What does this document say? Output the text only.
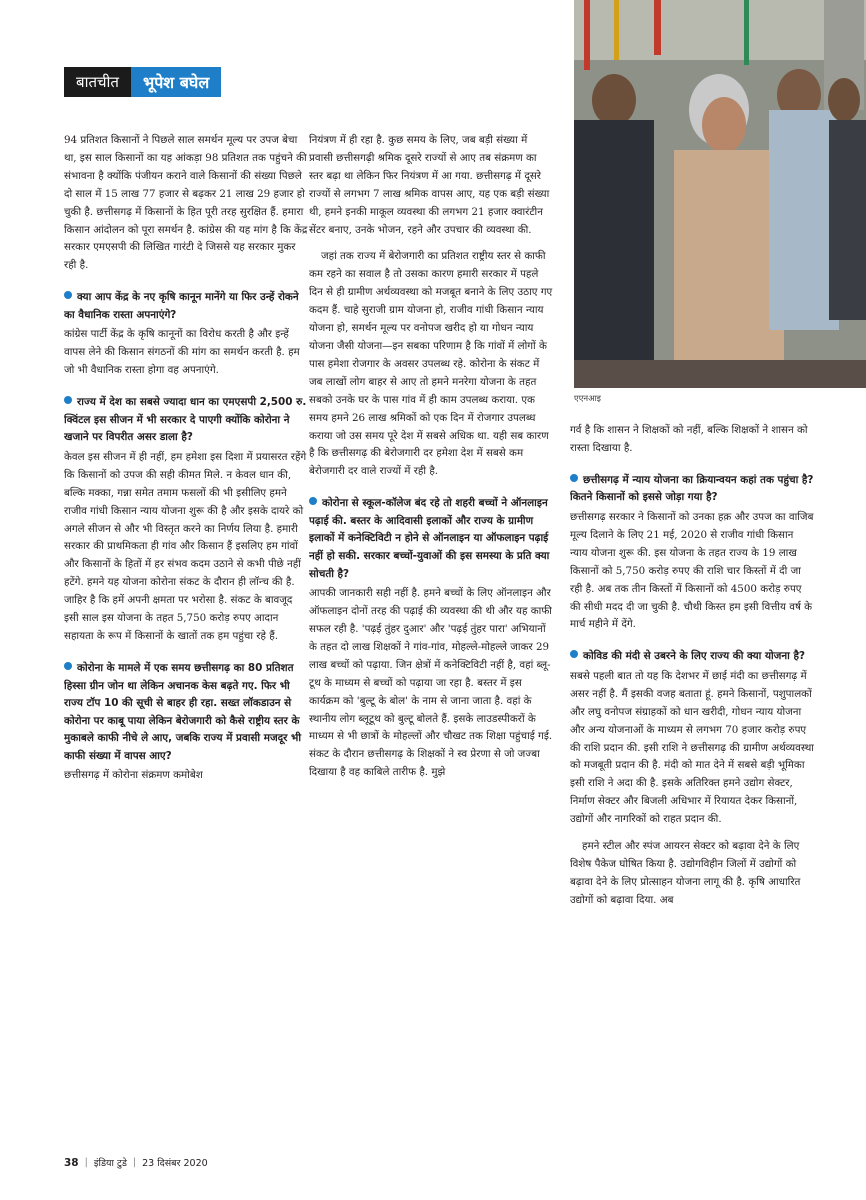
बातचीत	भूपेश बघेल

94 प्रतिशत किसानों ने पिछले साल समर्थन मूल्य पर उपज बेचा था, इस साल किसानों का यह आंकड़ा 98 प्रतिशत तक पहुंचने की संभावना है क्योंकि पंजीयन कराने वाले किसानों की संख्या पिछले दो साल में 15 लाख 77 हजार से बढ़कर 21 लाख 29 हजार हो चुकी है. छत्तीसगढ़ में किसानों के हित पूरी तरह सुरक्षित हैं. हमारा किसान आंदोलन को पूरा समर्थन है. कांग्रेस की यह मांग है कि केंद्र सरकार एमएसपी की लिखित गारंटी दे जिससे यह सरकार मुकर रही है.

क्या आप केंद्र के नए कृषि कानून मानेंगे या फिर उन्हें रोकने का वैधानिक रास्ता अपनाएंगे?

कांग्रेस पार्टी केंद्र के कृषि कानूनों का विरोध करती है और इन्हें वापस लेने की किसान संगठनों की मांग का समर्थन करती है. हम जो भी वैधानिक रास्ता होगा वह अपनाएंगे.

राज्य में देश का सबसे ज्यादा धान का एमएसपी 2,500 रु. क्विंटल इस सीजन में भी सरकार दे पाएगी क्योंकि कोरोना ने खजाने पर विपरीत असर डाला है?

केवल इस सीजन में ही नहीं, हम हमेशा इस दिशा में प्रयासरत रहेंगे कि किसानों को उपज की सही कीमत मिले. न केवल धान की, बल्कि मक्का, गन्ना समेत तमाम फसलों की भी इसीलिए हमने राजीव गांधी किसान न्याय योजना शुरू की है और इसके दायरे को अगले सीजन से और भी विस्तृत करने का निर्णय लिया है. हमारी सरकार की प्राथमिकता ही गांव और किसान हैं इसलिए हम गांवों और किसानों के हितों में हर संभव कदम उठाने से कभी पीछे नहीं हटेंगे. हमने यह योजना कोरोना संकट के दौरान ही लॉन्च की है. जाहिर है कि हमें अपनी क्षमता पर भरोसा है. संकट के बावजूद इसी साल इस योजना के तहत 5,750 करोड़ रुपए आदान सहायता के रूप में किसानों के खातों तक हम पहुंचा रहे हैं.

कोरोना के मामले में एक समय छत्तीसगढ़ का 80 प्रतिशत हिस्सा ग्रीन जोन था लेकिन अचानक केस बढ़ते गए. फिर भी राज्य टॉप 10 की सूची से बाहर ही रहा. सख्त लॉकडाउन से कोरोना पर काबू पाया लेकिन बेरोजगारी को कैसे राष्ट्रीय स्तर के मुकाबले काफी नीचे ले आए, जबकि राज्य में प्रवासी मजदूर भी काफी संख्या में वापस आए?

छत्तीसगढ़ में कोरोना संक्रमण कमोबेश

नियंत्रण में ही रहा है. कुछ समय के लिए, जब बड़ी संख्या में प्रवासी छत्तीसगढ़ी श्रमिक दूसरे राज्यों से आए तब संक्रमण का स्तर बढ़ा था लेकिन फिर नियंत्रण में आ गया. छत्तीसगढ़ में दूसरे राज्यों से लगभग 7 लाख श्रमिक वापस आए, यह एक बड़ी संख्या थी, हमने इनकी माकूल व्यवस्था की लगभग 21 हजार क्वारंटीन सेंटर बनाए, उनके भोजन, रहने और उपचार की व्यवस्था की.

जहां तक राज्य में बेरोजगारी का प्रतिशत राष्ट्रीय स्तर से काफी कम रहने का सवाल है तो उसका कारण हमारी सरकार में पहले दिन से ही ग्रामीण अर्थव्यवस्था को मजबूत बनाने के लिए उठाए गए कदम हैं. चाहे सुराजी ग्राम योजना हो, राजीव गांधी किसान न्याय योजना हो, समर्थन मूल्य पर वनोपज खरीद हो या गोधन न्याय योजना जैसी योजना—इन सबका परिणाम है कि गांवों में लोगों के पास हमेशा रोजगार के अवसर उपलब्ध रहे. कोरोना के संकट में जब लाखों लोग बाहर से आए तो हमने मनरेगा योजना के तहत सबको उनके घर के पास गांव में ही काम उपलब्ध कराया. एक समय हमने 26 लाख श्रमिकों को एक दिन में रोजगार उपलब्ध कराया जो उस समय पूरे देश में सबसे अधिक था. यही सब कारण है कि छत्तीसगढ़ की बेरोजगारी दर हमेशा देश में सबसे कम बेरोजगारी दर वाले राज्यों में रही है.

कोरोना से स्कूल-कॉलेज बंद रहे तो शहरी बच्चों ने ऑनलाइन पढ़ाई की. बस्तर के आदिवासी इलाकों और राज्य के ग्रामीण इलाकों में कनेक्टिविटी न होने से ऑनलाइन या ऑफलाइन पढ़ाई नहीं हो सकी. सरकार बच्चों-युवाओं की इस समस्या के प्रति क्या सोचती है?

आपकी जानकारी सही नहीं है. हमने बच्चों के लिए ऑनलाइन और ऑफलाइन दोनों तरह की पढ़ाई की व्यवस्था की थी और यह काफी सफल रही है. 'पढ़ई तुंहर दुआर' और 'पढ़ई तुंहर पारा' अभियानों के तहत दो लाख शिक्षकों ने गांव-गांव, मोहल्ले-मोहल्ले जाकर 29 लाख बच्चों को पढ़ाया. जिन क्षेत्रों में कनेक्टिविटी नहीं है, वहां ब्लू-टूथ के माध्यम से बच्चों को पढ़ाया जा रहा है. बस्तर में इस कार्यक्रम को 'बुल्टू के बोल' के नाम से जाना जाता है. वहां के स्थानीय लोग ब्लूटूथ को बुल्टू बोलते हैं. इसके लाउडस्पीकरों के माध्यम से भी छात्रों के मोहल्लों और चौखट तक शिक्षा पहुंचाई गई. संकट के दौरान छत्तीसगढ़ के शिक्षकों ने स्व प्रेरणा से जो जज्बा दिखाया है वह काबिले तारीफ है. मुझे

एएनआइ

गर्व है कि शासन ने शिक्षकों को नहीं, बल्कि शिक्षकों ने शासन को रास्ता दिखाया है.

छत्तीसगढ़ में न्याय योजना का क्रियान्वयन कहां तक पहुंचा है? कितने किसानों को इससे जोड़ा गया है?

छत्तीसगढ़ सरकार ने किसानों को उनका हक़ और उपज का वाजिब मूल्य दिलाने के लिए 21 मई, 2020 से राजीव गांधी किसान न्याय योजना शुरू की. इस योजना के तहत राज्य के 19 लाख किसानों को 5,750 करोड़ रुपए की राशि चार किस्तों में दी जा रही है. अब तक तीन किस्तों में किसानों को 4500 करोड़ रुपए की सीधी मदद दी जा चुकी है. चौथी किस्त हम इसी वित्तीय वर्ष के मार्च महीने में देंगे.

कोविड की मंदी से उबरने के लिए राज्य की क्या योजना है?

सबसे पहली बात तो यह कि देशभर में छाई मंदी का छत्तीसगढ़ में असर नहीं है. मैं इसकी वजह बताता हूं. हमने किसानों, पशुपालकों और लघु वनोपज संग्राहकों को धान खरीदी, गोधन न्याय योजना और अन्य योजनाओं के माध्यम से लगभग 70 हजार करोड़ रुपए की राशि प्रदान की. इसी राशि ने छत्तीसगढ़ की ग्रामीण अर्थव्यवस्था को मजबूती प्रदान की है. मंदी को मात देने में सबसे बड़ी भूमिका इसी राशि ने अदा की है. इसके अतिरिक्त हमने उद्योग सेक्टर, निर्माण सेक्टर और बिजली अधिभार में रियायत देकर किसानों, उद्योगों और नागरिकों को राहत प्रदान की.

हमने स्टील और स्पंज आयरन सेक्टर को बढ़ावा देने के लिए विशेष पैकेज घोषित किया है. उद्योगविहीन जिलों में उद्योगों को बढ़ावा देने के लिए प्रोत्साहन योजना लागू की है. कृषि आधारित उद्योगों को बढ़ावा दिया. अब

38 | इंडिया टुडे | 23 दिसंबर 2020
